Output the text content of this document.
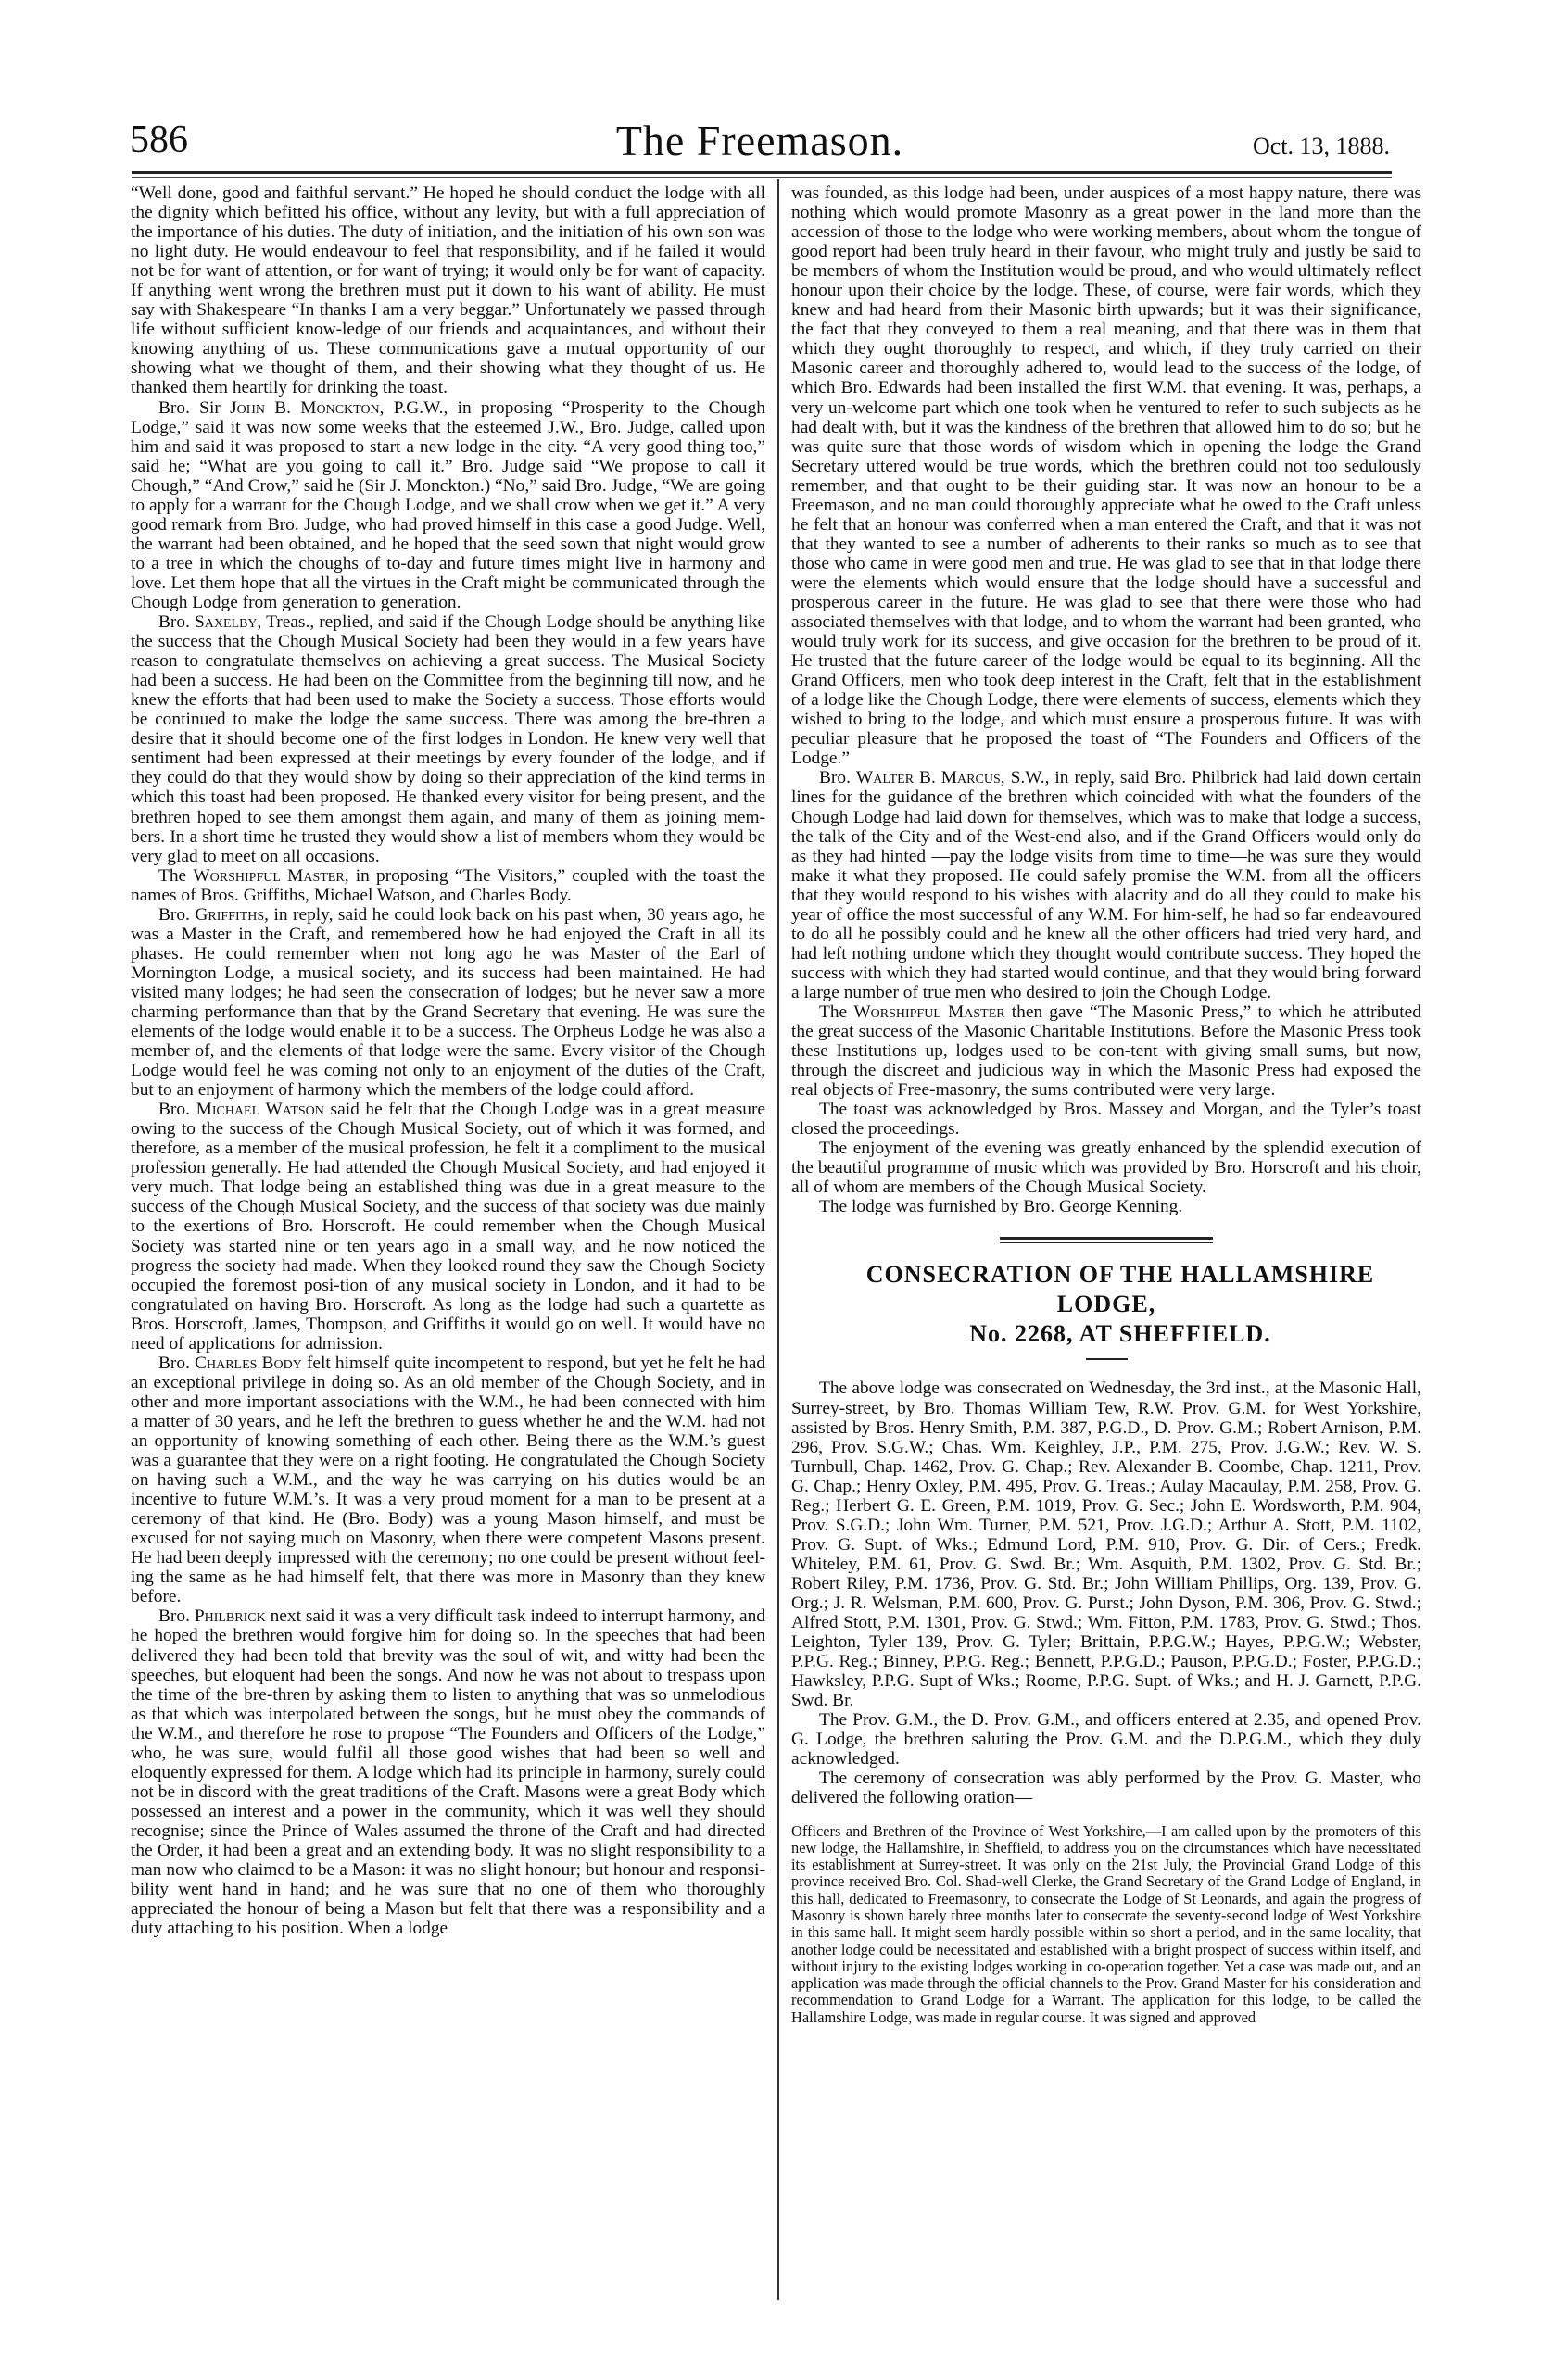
586	The Freemason.	Oct. 13, 1888.

“Well done, good and faithful servant.” He hoped he should conduct the lodge with all the dignity which befitted his office, without any levity, but with a full appreciation of the importance of his duties. The duty of initiation, and the initiation of his own son was no light duty. He would endeavour to feel that responsibility, and if he failed it would not be for want of attention, or for want of trying; it would only be for want of capacity. If anything went wrong the brethren must put it down to his want of ability. He must say with Shakespeare “In thanks I am a very beggar.” Unfortunately we passed through life without sufficient know-ledge of our friends and acquaintances, and without their knowing anything of us. These communications gave a mutual opportunity of our showing what we thought of them, and their showing what they thought of us. He thanked them heartily for drinking the toast.

Bro. Sir John B. Monckton, P.G.W., in proposing “Prosperity to the Chough Lodge,” said it was now some weeks that the esteemed J.W., Bro. Judge, called upon him and said it was proposed to start a new lodge in the city. “A very good thing too,” said he; “What are you going to call it.” Bro. Judge said “We propose to call it Chough,” “And Crow,” said he (Sir J. Monckton.) “No,” said Bro. Judge, “We are going to apply for a warrant for the Chough Lodge, and we shall crow when we get it.” A very good remark from Bro. Judge, who had proved himself in this case a good Judge. Well, the warrant had been obtained, and he hoped that the seed sown that night would grow to a tree in which the choughs of to-day and future times might live in harmony and love. Let them hope that all the virtues in the Craft might be communicated through the Chough Lodge from generation to generation.

Bro. Saxelby, Treas., replied, and said if the Chough Lodge should be anything like the success that the Chough Musical Society had been they would in a few years have reason to congratulate themselves on achieving a great success. The Musical Society had been a success. He had been on the Committee from the beginning till now, and he knew the efforts that had been used to make the Society a success. Those efforts would be continued to make the lodge the same success. There was among the bre-thren a desire that it should become one of the first lodges in London. He knew very well that sentiment had been expressed at their meetings by every founder of the lodge, and if they could do that they would show by doing so their appreciation of the kind terms in which this toast had been proposed. He thanked every visitor for being present, and the brethren hoped to see them amongst them again, and many of them as joining mem-bers. In a short time he trusted they would show a list of members whom they would be very glad to meet on all occasions.

The Worshipful Master, in proposing “The Visitors,” coupled with the toast the names of Bros. Griffiths, Michael Watson, and Charles Body.

Bro. Griffiths, in reply, said he could look back on his past when, 30 years ago, he was a Master in the Craft, and remembered how he had enjoyed the Craft in all its phases. He could remember when not long ago he was Master of the Earl of Mornington Lodge, a musical society, and its success had been maintained. He had visited many lodges; he had seen the consecration of lodges; but he never saw a more charming performance than that by the Grand Secretary that evening. He was sure the elements of the lodge would enable it to be a success. The Orpheus Lodge he was also a member of, and the elements of that lodge were the same. Every visitor of the Chough Lodge would feel he was coming not only to an enjoyment of the duties of the Craft, but to an enjoyment of harmony which the members of the lodge could afford.

Bro. Michael Watson said he felt that the Chough Lodge was in a great measure owing to the success of the Chough Musical Society, out of which it was formed, and therefore, as a member of the musical profession, he felt it a compliment to the musical profession generally. He had attended the Chough Musical Society, and had enjoyed it very much. That lodge being an established thing was due in a great measure to the success of the Chough Musical Society, and the success of that society was due mainly to the exertions of Bro. Horscroft. He could remember when the Chough Musical Society was started nine or ten years ago in a small way, and he now noticed the progress the society had made. When they looked round they saw the Chough Society occupied the foremost posi-tion of any musical society in London, and it had to be congratulated on having Bro. Horscroft. As long as the lodge had such a quartette as Bros. Horscroft, James, Thompson, and Griffiths it would go on well. It would have no need of applications for admission.

Bro. Charles Body felt himself quite incompetent to respond, but yet he felt he had an exceptional privilege in doing so. As an old member of the Chough Society, and in other and more important associations with the W.M., he had been connected with him a matter of 30 years, and he left the brethren to guess whether he and the W.M. had not an opportunity of knowing something of each other. Being there as the W.M.’s guest was a guarantee that they were on a right footing. He congratulated the Chough Society on having such a W.M., and the way he was carrying on his duties would be an incentive to future W.M.’s. It was a very proud moment for a man to be present at a ceremony of that kind. He (Bro. Body) was a young Mason himself, and must be excused for not saying much on Masonry, when there were competent Masons present. He had been deeply impressed with the ceremony; no one could be present without feel-ing the same as he had himself felt, that there was more in Masonry than they knew before.

Bro. Philbrick next said it was a very difficult task indeed to interrupt harmony, and he hoped the brethren would forgive him for doing so. In the speeches that had been delivered they had been told that brevity was the soul of wit, and witty had been the speeches, but eloquent had been the songs. And now he was not about to trespass upon the time of the bre-thren by asking them to listen to anything that was so unmelodious as that which was interpolated between the songs, but he must obey the commands of the W.M., and therefore he rose to propose “The Founders and Officers of the Lodge,” who, he was sure, would fulfil all those good wishes that had been so well and eloquently expressed for them. A lodge which had its principle in harmony, surely could not be in discord with the great traditions of the Craft. Masons were a great Body which possessed an interest and a power in the community, which it was well they should recognise; since the Prince of Wales assumed the throne of the Craft and had directed the Order, it had been a great and an extending body. It was no slight responsibility to a man now who claimed to be a Mason: it was no slight honour; but honour and responsi-bility went hand in hand; and he was sure that no one of them who thoroughly appreciated the honour of being a Mason but felt that there was a responsibility and a duty attaching to his position. When a lodge

was founded, as this lodge had been, under auspices of a most happy nature, there was nothing which would promote Masonry as a great power in the land more than the accession of those to the lodge who were working members, about whom the tongue of good report had been truly heard in their favour, who might truly and justly be said to be members of whom the Institution would be proud, and who would ultimately reflect honour upon their choice by the lodge. These, of course, were fair words, which they knew and had heard from their Masonic birth upwards; but it was their significance, the fact that they conveyed to them a real meaning, and that there was in them that which they ought thoroughly to respect, and which, if they truly carried on their Masonic career and thoroughly adhered to, would lead to the success of the lodge, of which Bro. Edwards had been installed the first W.M. that evening. It was, perhaps, a very un-welcome part which one took when he ventured to refer to such subjects as he had dealt with, but it was the kindness of the brethren that allowed him to do so; but he was quite sure that those words of wisdom which in opening the lodge the Grand Secretary uttered would be true words, which the brethren could not too sedulously remember, and that ought to be their guiding star. It was now an honour to be a Freemason, and no man could thoroughly appreciate what he owed to the Craft unless he felt that an honour was conferred when a man entered the Craft, and that it was not that they wanted to see a number of adherents to their ranks so much as to see that those who came in were good men and true. He was glad to see that in that lodge there were the elements which would ensure that the lodge should have a successful and prosperous career in the future. He was glad to see that there were those who had associated themselves with that lodge, and to whom the warrant had been granted, who would truly work for its success, and give occasion for the brethren to be proud of it. He trusted that the future career of the lodge would be equal to its beginning. All the Grand Officers, men who took deep interest in the Craft, felt that in the establishment of a lodge like the Chough Lodge, there were elements of success, elements which they wished to bring to the lodge, and which must ensure a prosperous future. It was with peculiar pleasure that he proposed the toast of “The Founders and Officers of the Lodge.”

Bro. Walter B. Marcus, S.W., in reply, said Bro. Philbrick had laid down certain lines for the guidance of the brethren which coincided with what the founders of the Chough Lodge had laid down for themselves, which was to make that lodge a success, the talk of the City and of the West-end also, and if the Grand Officers would only do as they had hinted —pay the lodge visits from time to time—he was sure they would make it what they proposed. He could safely promise the W.M. from all the officers that they would respond to his wishes with alacrity and do all they could to make his year of office the most successful of any W.M. For him-self, he had so far endeavoured to do all he possibly could and he knew all the other officers had tried very hard, and had left nothing undone which they thought would contribute success. They hoped the success with which they had started would continue, and that they would bring forward a large number of true men who desired to join the Chough Lodge.

The Worshipful Master then gave “The Masonic Press,” to which he attributed the great success of the Masonic Charitable Institutions. Before the Masonic Press took these Institutions up, lodges used to be con-tent with giving small sums, but now, through the discreet and judicious way in which the Masonic Press had exposed the real objects of Free-masonry, the sums contributed were very large.

The toast was acknowledged by Bros. Massey and Morgan, and the Tyler’s toast closed the proceedings.

The enjoyment of the evening was greatly enhanced by the splendid execution of the beautiful programme of music which was provided by Bro. Horscroft and his choir, all of whom are members of the Chough Musical Society.

The lodge was furnished by Bro. George Kenning.

CONSECRATION OF THE HALLAMSHIRE LODGE,

No. 2268, AT SHEFFIELD.

The above lodge was consecrated on Wednesday, the 3rd inst., at the Masonic Hall, Surrey-street, by Bro. Thomas William Tew, R.W. Prov. G.M. for West Yorkshire, assisted by Bros. Henry Smith, P.M. 387, P.G.D., D. Prov. G.M.; Robert Arnison, P.M. 296, Prov. S.G.W.; Chas. Wm. Keighley, J.P., P.M. 275, Prov. J.G.W.; Rev. W. S. Turnbull, Chap. 1462, Prov. G. Chap.; Rev. Alexander B. Coombe, Chap. 1211, Prov. G. Chap.; Henry Oxley, P.M. 495, Prov. G. Treas.; Aulay Macaulay, P.M. 258, Prov. G. Reg.; Herbert G. E. Green, P.M. 1019, Prov. G. Sec.; John E. Wordsworth, P.M. 904, Prov. S.G.D.; John Wm. Turner, P.M. 521, Prov. J.G.D.; Arthur A. Stott, P.M. 1102, Prov. G. Supt. of Wks.; Edmund Lord, P.M. 910, Prov. G. Dir. of Cers.; Fredk. Whiteley, P.M. 61, Prov. G. Swd. Br.; Wm. Asquith, P.M. 1302, Prov. G. Std. Br.; Robert Riley, P.M. 1736, Prov. G. Std. Br.; John William Phillips, Org. 139, Prov. G. Org.; J. R. Welsman, P.M. 600, Prov. G. Purst.; John Dyson, P.M. 306, Prov. G. Stwd.; Alfred Stott, P.M. 1301, Prov. G. Stwd.; Wm. Fitton, P.M. 1783, Prov. G. Stwd.; Thos. Leighton, Tyler 139, Prov. G. Tyler; Brittain, P.P.G.W.; Hayes, P.P.G.W.; Webster, P.P.G. Reg.; Binney, P.P.G. Reg.; Bennett, P.P.G.D.; Pauson, P.P.G.D.; Foster, P.P.G.D.; Hawksley, P.P.G. Supt of Wks.; Roome, P.P.G. Supt. of Wks.; and H. J. Garnett, P.P.G. Swd. Br.

The Prov. G.M., the D. Prov. G.M., and officers entered at 2.35, and opened Prov. G. Lodge, the brethren saluting the Prov. G.M. and the D.P.G.M., which they duly acknowledged.

The ceremony of consecration was ably performed by the Prov. G. Master, who delivered the following oration—

Officers and Brethren of the Province of West Yorkshire,—I am called upon by the promoters of this new lodge, the Hallamshire, in Sheffield, to address you on the circumstances which have necessitated its establishment at Surrey-street. It was only on the 21st July, the Provincial Grand Lodge of this province received Bro. Col. Shad-well Clerke, the Grand Secretary of the Grand Lodge of England, in this hall, dedicated to Freemasonry, to consecrate the Lodge of St Leonards, and again the progress of Masonry is shown barely three months later to consecrate the seventy-second lodge of West Yorkshire in this same hall. It might seem hardly possible within so short a period, and in the same locality, that another lodge could be necessitated and established with a bright prospect of success within itself, and without injury to the existing lodges working in co-operation together. Yet a case was made out, and an application was made through the official channels to the Prov. Grand Master for his consideration and recommendation to Grand Lodge for a Warrant. The application for this lodge, to be called the Hallamshire Lodge, was made in regular course. It was signed and approved
